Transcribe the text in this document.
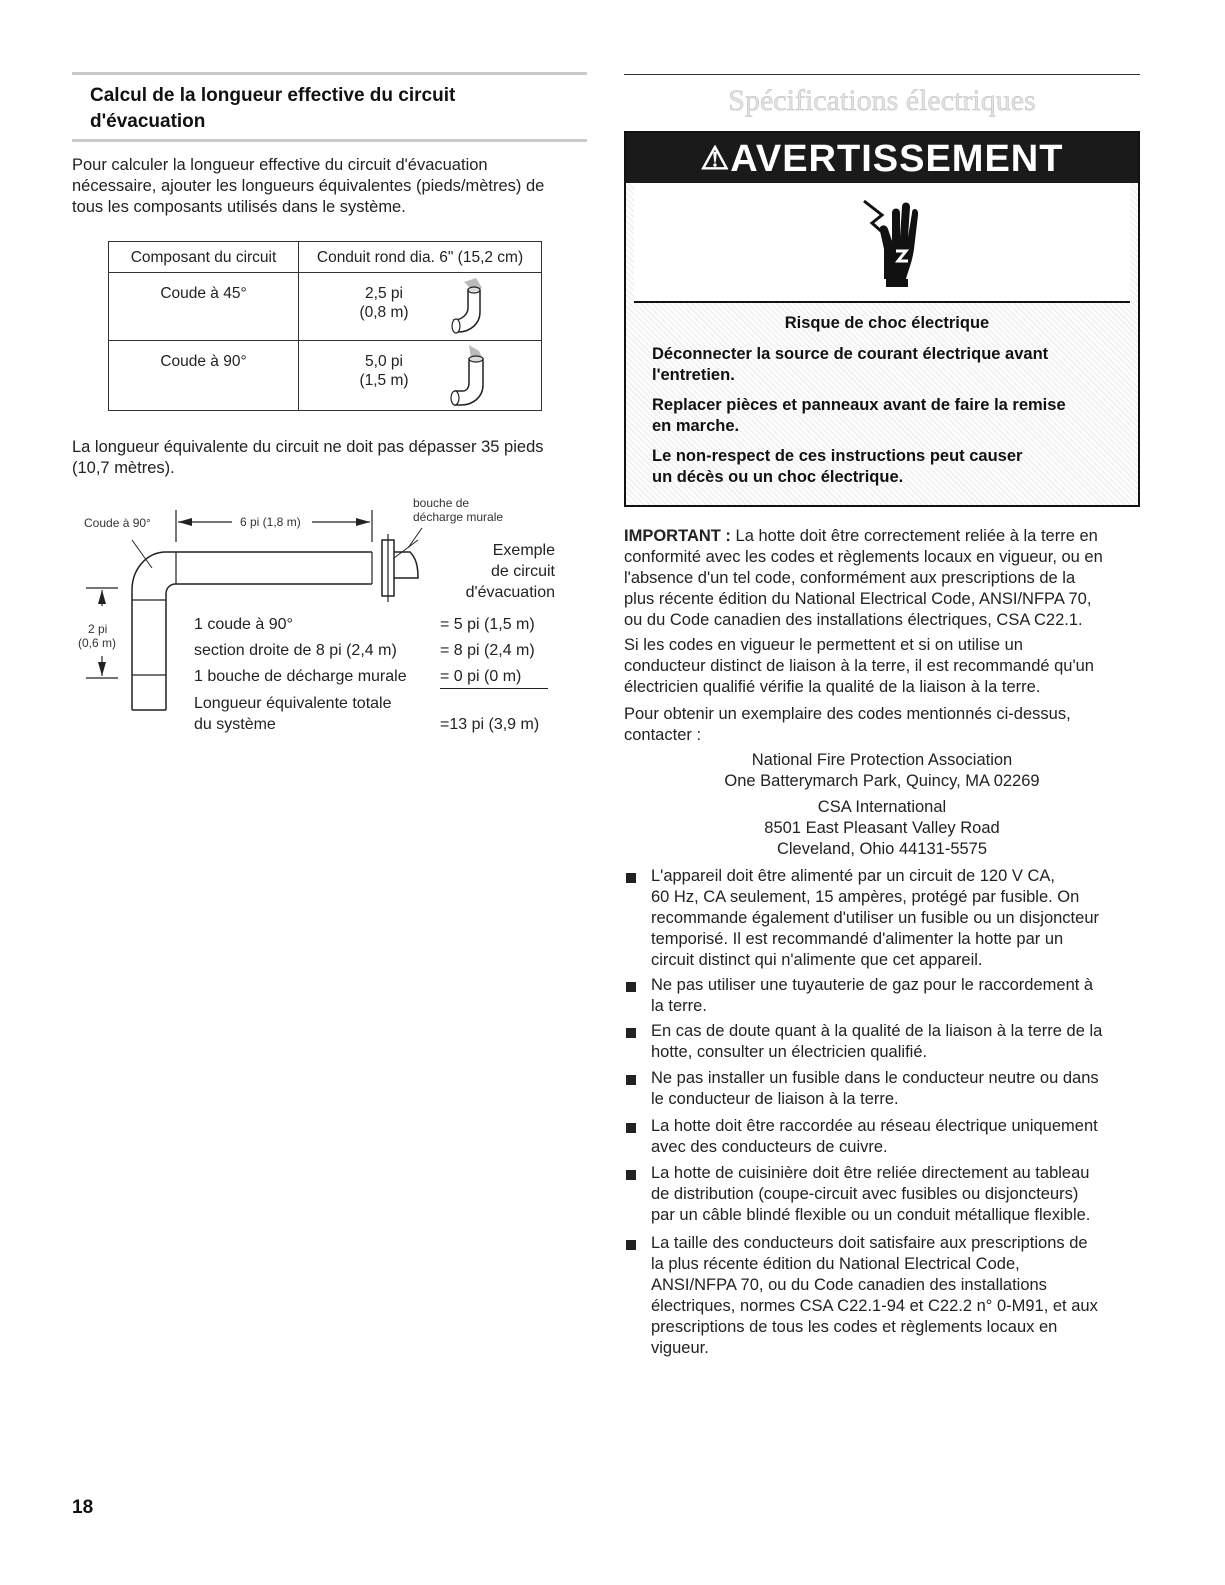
Calcul de la longueur effective du circuit
d'évacuation
Pour calculer la longueur effective du circuit d'évacuation
nécessaire, ajouter les longueurs équivalentes (pieds/mètres) de
tous les composants utilisés dans le système.
Composant du circuit	Conduit rond dia. 6" (15,2 cm)
Coude à 45°	2,5 pi
(0,8 m)
Coude à 90°	5,0 pi
(1,5 m)
La longueur équivalente du circuit ne doit pas dépasser 35 pieds
(10,7 mètres).
Coude à 90°	6 pi (1,8 m)
2 pi
(0,6 m)
bouche de
décharge murale
Exemple
de circuit
d'évacuation
1 coude à 90°	= 5 pi (1,5 m)
section droite de 8 pi (2,4 m)	= 8 pi (2,4 m)
1 bouche de décharge murale = 0 pi (0 m)
Longueur équivalente totale
du système	=13 pi (3,9 m)
Spécifications électriques
⚠AVERTISSEMENT
Risque de choc électrique
Déconnecter la source de courant électrique avant
l'entretien.
Replacer pièces et panneaux avant de faire la remise
en marche.
Le non-respect de ces instructions peut causer
un décès ou un choc électrique.
IMPORTANT : La hotte doit être correctement reliée à la terre en
conformité avec les codes et règlements locaux en vigueur, ou en
l'absence d'un tel code, conformément aux prescriptions de la
plus récente édition du National Electrical Code, ANSI/NFPA 70,
ou du Code canadien des installations électriques, CSA C22.1.
Si les codes en vigueur le permettent et si on utilise un
conducteur distinct de liaison à la terre, il est recommandé qu'un
électricien qualifié vérifie la qualité de la liaison à la terre.
Pour obtenir un exemplaire des codes mentionnés ci-dessus,
contacter :
National Fire Protection Association
One Batterymarch Park, Quincy, MA 02269
CSA International
8501 East Pleasant Valley Road
Cleveland, Ohio 44131-5575
L'appareil doit être alimenté par un circuit de 120 V CA,
60 Hz, CA seulement, 15 ampères, protégé par fusible. On
recommande également d'utiliser un fusible ou un disjoncteur
temporisé. Il est recommandé d'alimenter la hotte par un
circuit distinct qui n'alimente que cet appareil.
Ne pas utiliser une tuyauterie de gaz pour le raccordement à
la terre.
En cas de doute quant à la qualité de la liaison à la terre de la
hotte, consulter un électricien qualifié.
Ne pas installer un fusible dans le conducteur neutre ou dans
le conducteur de liaison à la terre.
La hotte doit être raccordée au réseau électrique uniquement
avec des conducteurs de cuivre.
La hotte de cuisinière doit être reliée directement au tableau
de distribution (coupe-circuit avec fusibles ou disjoncteurs)
par un câble blindé flexible ou un conduit métallique flexible.
La taille des conducteurs doit satisfaire aux prescriptions de
la plus récente édition du National Electrical Code,
ANSI/NFPA 70, ou du Code canadien des installations
électriques, normes CSA C22.1-94 et C22.2 n° 0-M91, et aux
prescriptions de tous les codes et règlements locaux en
vigueur.
18
